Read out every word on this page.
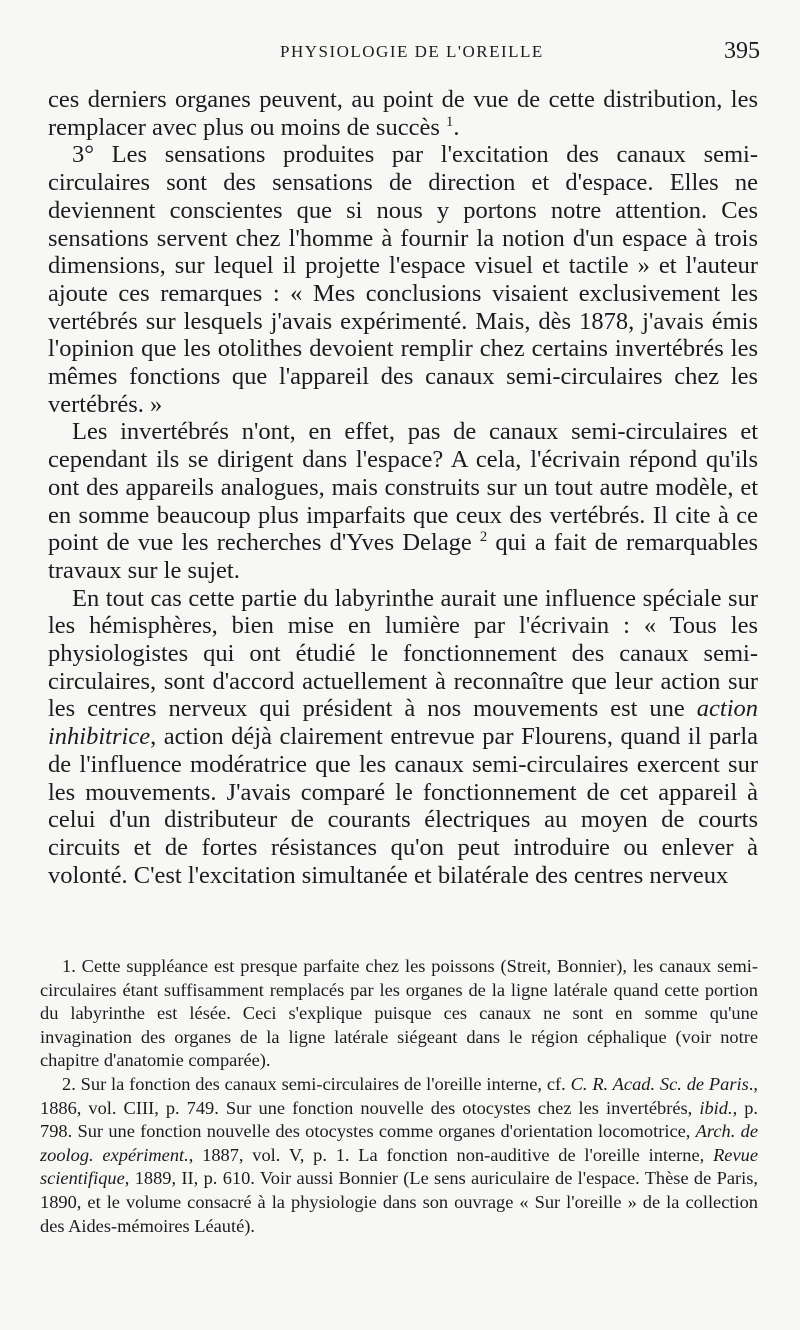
PHYSIOLOGIE DE L'OREILLE	395

ces derniers organes peuvent, au point de vue de cette distribution, les remplacer avec plus ou moins de succès $^1$.

3° Les sensations produites par l'excitation des canaux semi-circulaires sont des sensations de direction et d'espace. Elles ne deviennent conscientes que si nous y portons notre attention. Ces sensations servent chez l'homme à fournir la notion d'un espace à trois dimensions, sur lequel il projette l'espace visuel et tactile » et l'auteur ajoute ces remarques : « Mes conclusions visaient exclusivement les vertébrés sur lesquels j'avais expérimenté. Mais, dès 1878, j'avais émis l'opinion que les otolithes devoient remplir chez certains invertébrés les mêmes fonctions que l'appareil des canaux semi-circulaires chez les vertébrés. »

Les invertébrés n'ont, en effet, pas de canaux semi-circulaires et cependant ils se dirigent dans l'espace? A cela, l'écrivain répond qu'ils ont des appareils analogues, mais construits sur un tout autre modèle, et en somme beaucoup plus imparfaits que ceux des vertébrés. Il cite à ce point de vue les recherches d'Yves Delage $^2$ qui a fait de remarquables travaux sur le sujet.

En tout cas cette partie du labyrinthe aurait une influence spéciale sur les hémisphères, bien mise en lumière par l'écrivain : « Tous les physiologistes qui ont étudié le fonctionnement des canaux semi-circulaires, sont d'accord actuellement à reconnaître que leur action sur les centres nerveux qui président à nos mouvements est une action inhibitrice, action déjà clairement entrevue par Flourens, quand il parla de l'influence modératrice que les canaux semi-circulaires exercent sur les mouvements. J'avais comparé le fonctionnement de cet appareil à celui d'un distributeur de courants électriques au moyen de courts circuits et de fortes résistances qu'on peut introduire ou enlever à volonté. C'est l'excitation simultanée et bilatérale des centres nerveux

1. Cette suppléance est presque parfaite chez les poissons (Streit, Bonnier), les canaux semi-circulaires étant suffisamment remplacés par les organes de la ligne latérale quand cette portion du labyrinthe est lésée. Ceci s'explique puisque ces canaux ne sont en somme qu'une invagination des organes de la ligne latérale siégeant dans le région céphalique (voir notre chapitre d'anatomie comparée).

2. Sur la fonction des canaux semi-circulaires de l'oreille interne, cf. C. R. Acad. Sc. de Paris., 1886, vol. CIII, p. 749. Sur une fonction nouvelle des otocystes chez les invertébrés, ibid., p. 798. Sur une fonction nouvelle des otocystes comme organes d'orientation locomotrice, Arch. de zoolog. expériment., 1887, vol. V, p. 1. La fonction non-auditive de l'oreille interne, Revue scientifique, 1889, II, p. 610. Voir aussi Bonnier (Le sens auriculaire de l'espace. Thèse de Paris, 1890, et le volume consacré à la physiologie dans son ouvrage « Sur l'oreille » de la collection des Aides-mémoires Léauté).
